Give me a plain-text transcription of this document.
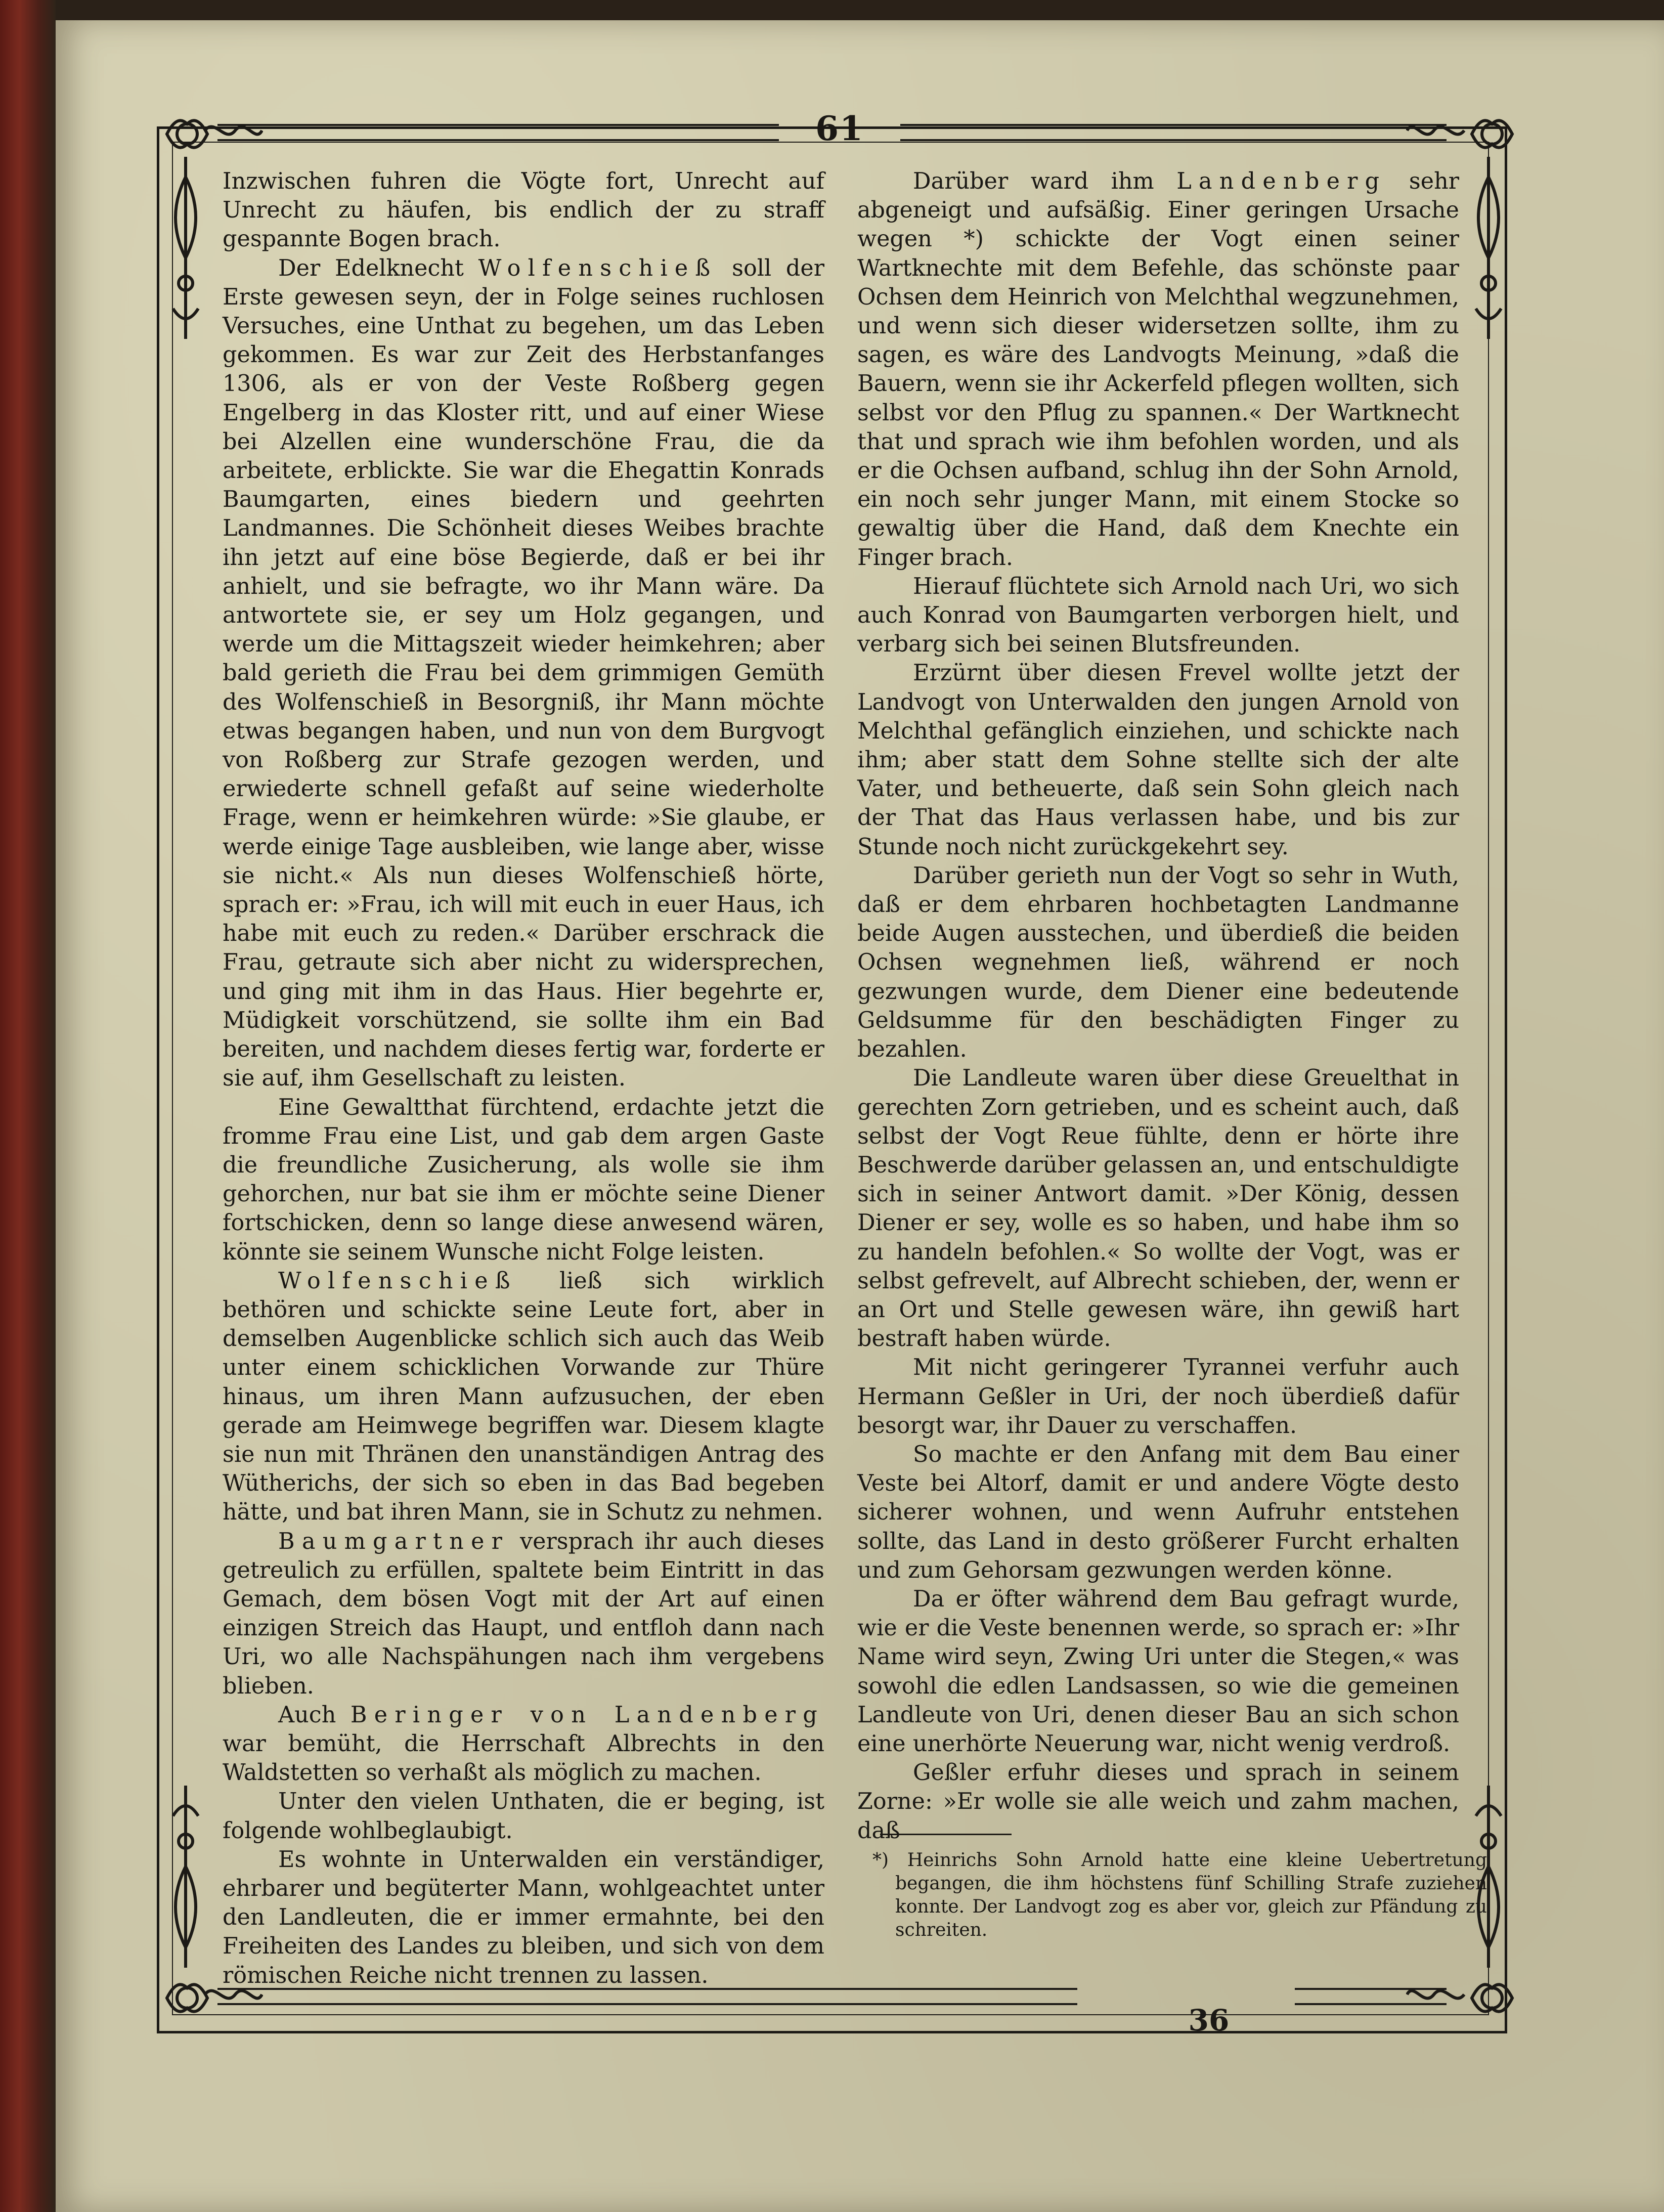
61

Inzwischen fuhren die Vögte fort, Unrecht auf Unrecht zu häufen, bis endlich der zu straff gespannte Bogen brach.

Der Edelknecht Wolfenschieß soll der Erste gewesen seyn, der in Folge seines ruchlosen Versuches, eine Unthat zu begehen, um das Leben gekommen. Es war zur Zeit des Herbstanfanges 1306, als er von der Veste Roßberg gegen Engelberg in das Kloster ritt, und auf einer Wiese bei Alzellen eine wunderschöne Frau, die da arbeitete, erblickte. Sie war die Ehegattin Konrads Baumgarten, eines biedern und geehrten Landmannes. Die Schönheit dieses Weibes brachte ihn jetzt auf eine böse Begierde, daß er bei ihr anhielt, und sie befragte, wo ihr Mann wäre. Da antwortete sie, er sey um Holz gegangen, und werde um die Mittagszeit wieder heimkehren; aber bald gerieth die Frau bei dem grimmigen Gemüth des Wolfenschieß in Besorgniß, ihr Mann möchte etwas begangen haben, und nun von dem Burgvogt von Roßberg zur Strafe gezogen werden, und erwiederte schnell gefaßt auf seine wiederholte Frage, wenn er heimkehren würde: »Sie glaube, er werde einige Tage ausbleiben, wie lange aber, wisse sie nicht.« Als nun dieses Wolfenschieß hörte, sprach er: »Frau, ich will mit euch in euer Haus, ich habe mit euch zu reden.« Darüber erschrack die Frau, getraute sich aber nicht zu widersprechen, und ging mit ihm in das Haus. Hier begehrte er, Müdigkeit vorschützend, sie sollte ihm ein Bad bereiten, und nachdem dieses fertig war, forderte er sie auf, ihm Gesellschaft zu leisten.

Eine Gewaltthat fürchtend, erdachte jetzt die fromme Frau eine List, und gab dem argen Gaste die freundliche Zusicherung, als wolle sie ihm gehorchen, nur bat sie ihm er möchte seine Diener fortschicken, denn so lange diese anwesend wären, könnte sie seinem Wunsche nicht Folge leisten.

Wolfenschieß ließ sich wirklich bethören und schickte seine Leute fort, aber in demselben Augenblicke schlich sich auch das Weib unter einem schicklichen Vorwande zur Thüre hinaus, um ihren Mann aufzusuchen, der eben gerade am Heimwege begriffen war. Diesem klagte sie nun mit Thränen den unanständigen Antrag des Wütherichs, der sich so eben in das Bad begeben hätte, und bat ihren Mann, sie in Schutz zu nehmen.

Baumgartner versprach ihr auch dieses getreulich zu erfüllen, spaltete beim Eintritt in das Gemach, dem bösen Vogt mit der Art auf einen einzigen Streich das Haupt, und entfloh dann nach Uri, wo alle Nachspähungen nach ihm vergebens blieben.

Auch Beringer von Landenberg war bemüht, die Herrschaft Albrechts in den Waldstetten so verhaßt als möglich zu machen.

Unter den vielen Unthaten, die er beging, ist folgende wohlbeglaubigt.

Es wohnte in Unterwalden ein verständiger, ehrbarer und begüterter Mann, wohlgeachtet unter den Landleuten, die er immer ermahnte, bei den Freiheiten des Landes zu bleiben, und sich von dem römischen Reiche nicht trennen zu lassen.

Darüber ward ihm Landenberg sehr abgeneigt und aufsäßig. Einer geringen Ursache wegen *) schickte der Vogt einen seiner Wartknechte mit dem Befehle, das schönste paar Ochsen dem Heinrich von Melchthal wegzunehmen, und wenn sich dieser widersetzen sollte, ihm zu sagen, es wäre des Landvogts Meinung, »daß die Bauern, wenn sie ihr Ackerfeld pflegen wollten, sich selbst vor den Pflug zu spannen.« Der Wartknecht that und sprach wie ihm befohlen worden, und als er die Ochsen aufband, schlug ihn der Sohn Arnold, ein noch sehr junger Mann, mit einem Stocke so gewaltig über die Hand, daß dem Knechte ein Finger brach.

Hierauf flüchtete sich Arnold nach Uri, wo sich auch Konrad von Baumgarten verborgen hielt, und verbarg sich bei seinen Blutsfreunden.

Erzürnt über diesen Frevel wollte jetzt der Landvogt von Unterwalden den jungen Arnold von Melchthal gefänglich einziehen, und schickte nach ihm; aber statt dem Sohne stellte sich der alte Vater, und betheuerte, daß sein Sohn gleich nach der That das Haus verlassen habe, und bis zur Stunde noch nicht zurückgekehrt sey.

Darüber gerieth nun der Vogt so sehr in Wuth, daß er dem ehrbaren hochbetagten Landmanne beide Augen ausstechen, und überdieß die beiden Ochsen wegnehmen ließ, während er noch gezwungen wurde, dem Diener eine bedeutende Geldsumme für den beschädigten Finger zu bezahlen.

Die Landleute waren über diese Greuelthat in gerechten Zorn getrieben, und es scheint auch, daß selbst der Vogt Reue fühlte, denn er hörte ihre Beschwerde darüber gelassen an, und entschuldigte sich in seiner Antwort damit. »Der König, dessen Diener er sey, wolle es so haben, und habe ihm so zu handeln befohlen.« So wollte der Vogt, was er selbst gefrevelt, auf Albrecht schieben, der, wenn er an Ort und Stelle gewesen wäre, ihn gewiß hart bestraft haben würde.

Mit nicht geringerer Tyrannei verfuhr auch Hermann Geßler in Uri, der noch überdieß dafür besorgt war, ihr Dauer zu verschaffen.

So machte er den Anfang mit dem Bau einer Veste bei Altorf, damit er und andere Vögte desto sicherer wohnen, und wenn Aufruhr entstehen sollte, das Land in desto größerer Furcht erhalten und zum Gehorsam gezwungen werden könne.

Da er öfter während dem Bau gefragt wurde, wie er die Veste benennen werde, so sprach er: »Ihr Name wird seyn, Zwing Uri unter die Stegen,« was sowohl die edlen Landsassen, so wie die gemeinen Landleute von Uri, denen dieser Bau an sich schon eine unerhörte Neuerung war, nicht wenig verdroß.

Geßler erfuhr dieses und sprach in seinem Zorne: »Er wolle sie alle weich und zahm machen, daß

*) Heinrichs Sohn Arnold hatte eine kleine Uebertretung begangen, die ihm höchstens fünf Schilling Strafe zuziehen konnte. Der Landvogt zog es aber vor, gleich zur Pfändung zu schreiten.
36
